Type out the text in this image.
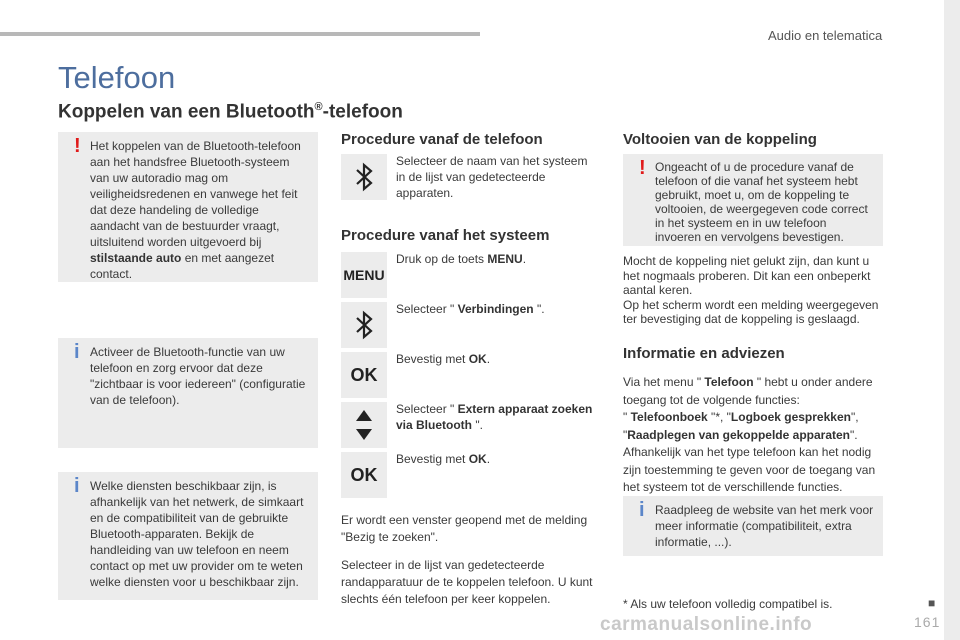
Audio en telematica
■
161
carmanualsonline.info
Telefoon
Koppelen van een Bluetooth®-telefoon
! Het koppelen van de Bluetooth-telefoon aan het handsfree Bluetooth-systeem van uw autoradio mag om veiligheidsredenen en vanwege het feit dat deze handeling de volledige aandacht van de bestuurder vraagt, uitsluitend worden uitgevoerd bij stilstaande auto en met aangezet contact.
i Activeer de Bluetooth-functie van uw telefoon en zorg ervoor dat deze "zichtbaar is voor iedereen" (configuratie van de telefoon).
i Welke diensten beschikbaar zijn, is afhankelijk van het netwerk, de simkaart en de compatibiliteit van de gebruikte Bluetooth-apparaten. Bekijk de handleiding van uw telefoon en neem contact op met uw provider om te weten welke diensten voor u beschikbaar zijn.
Procedure vanaf de telefoon
Selecteer de naam van het systeem in de lijst van gedetecteerde apparaten.
Procedure vanaf het systeem
MENU
Druk op de toets MENU.
Selecteer " Verbindingen ".
OK
Bevestig met OK.
Selecteer " Extern apparaat zoeken via Bluetooth ".
OK
Bevestig met OK.
Er wordt een venster geopend met de melding "Bezig te zoeken".
Selecteer in de lijst van gedetecteerde randapparatuur de te koppelen telefoon. U kunt slechts één telefoon per keer koppelen.
Voltooien van de koppeling
! Ongeacht of u de procedure vanaf de telefoon of die vanaf het systeem hebt gebruikt, moet u, om de koppeling te voltooien, de weergegeven code correct in het systeem en in uw telefoon invoeren en vervolgens bevestigen.
Mocht de koppeling niet gelukt zijn, dan kunt u het nogmaals proberen. Dit kan een onbeperkt aantal keren.
Op het scherm wordt een melding weergegeven ter bevestiging dat de koppeling is geslaagd.
Informatie en adviezen
Via het menu " Telefoon " hebt u onder andere toegang tot de volgende functies:
" Telefoonboek "*, "Logboek gesprekken",
"Raadplegen van gekoppelde apparaten".
Afhankelijk van het type telefoon kan het nodig zijn toestemming te geven voor de toegang van het systeem tot de verschillende functies.
i Raadpleeg de website van het merk voor meer informatie (compatibiliteit, extra informatie, ...).
* Als uw telefoon volledig compatibel is.
